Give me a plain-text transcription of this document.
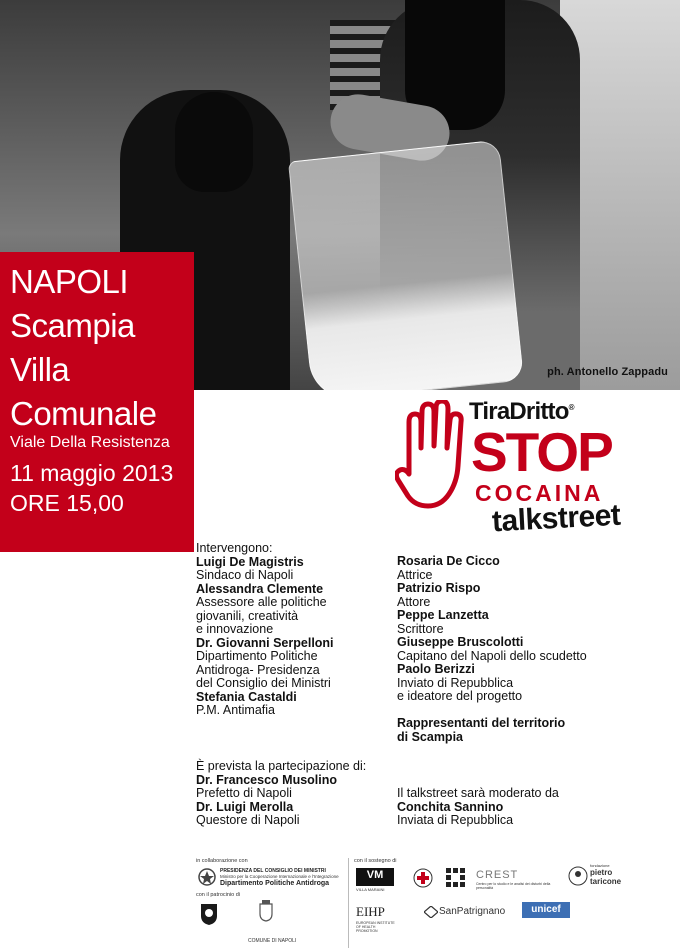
ph. Antonello Zappadu
NAPOLI
Scampia
Villa
Comunale
Viale Della Resistenza
11 maggio 2013
ORE 15,00
TiraDritto®
STOP
COCAINA
talkstreet
Intervengono:
Luigi De Magistris
Sindaco di Napoli
Alessandra Clemente
Assessore alle politiche
giovanili, creatività
e innovazione
Dr. Giovanni Serpelloni
Dipartimento Politiche
Antidroga- Presidenza
del Consiglio dei Ministri
Stefania Castaldi
P.M. Antimafia
Rosaria De Cicco
Attrice
Patrizio Rispo
Attore
Peppe Lanzetta
Scrittore
Giuseppe Bruscolotti
Capitano del Napoli dello scudetto
Paolo Berizzi
Inviato di Repubblica
e ideatore del progetto
Rappresentanti del territorio
di Scampia
È prevista la partecipazione di:
Dr. Francesco Musolino
Prefetto di Napoli
Dr. Luigi Merolla
Questore di Napoli
Il talkstreet sarà moderato da
Conchita Sannino
Inviata di Repubblica
in collaborazione con
PRESIDENZA DEL CONSIGLIO DEI MINISTRI
Ministro per la Cooperazione Internazionale e l'Integrazione
Dipartimento Politiche Antidroga
con il patrocinio di
COMUNE DI NAPOLI
con il sostegno di
VM
VILLA MARAINI
CREST
Centro per lo studio e le analisi dei disturbi della personalità
fondazione
pietro
taricone
EIHP
EUROPEAN INSTITUTE OF HEALTH PROMOTION
SanPatrignano	unicef
